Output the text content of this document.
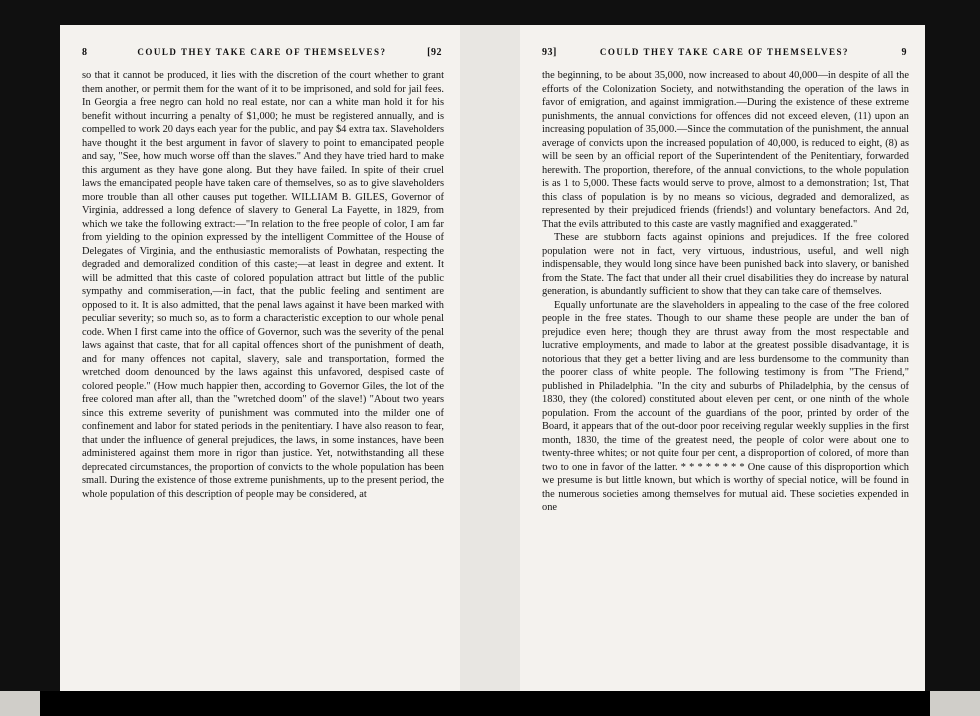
8	COULD THEY TAKE CARE OF THEMSELVES?	[92

so that it cannot be produced, it lies with the discretion of the court whether to grant them another, or permit them for the want of it to be imprisoned, and sold for jail fees. In Georgia a free negro can hold no real estate, nor can a white man hold it for his benefit without incurring a penalty of $1,000; he must be registered annually, and is compelled to work 20 days each year for the public, and pay $4 extra tax. Slaveholders have thought it the best argument in favor of slavery to point to emancipated people and say, "See, how much worse off than the slaves." And they have tried hard to make this argument as they have gone along. But they have failed. In spite of their cruel laws the emancipated people have taken care of themselves, so as to give slaveholders more trouble than all other causes put together. WILLIAM B. GILES, Governor of Virginia, addressed a long defence of slavery to General La Fayette, in 1829, from which we take the following extract:—"In relation to the free people of color, I am far from yielding to the opinion expressed by the intelligent Committee of the House of Delegates of Virginia, and the enthusiastic memoralists of Powhatan, respecting the degraded and demoralized condition of this caste;—at least in degree and extent. It will be admitted that this caste of colored population attract but little of the public sympathy and commiseration,—in fact, that the public feeling and sentiment are opposed to it. It is also admitted, that the penal laws against it have been marked with peculiar severity; so much so, as to form a characteristic exception to our whole penal code. When I first came into the office of Governor, such was the severity of the penal laws against that caste, that for all capital offences short of the punishment of death, and for many offences not capital, slavery, sale and transportation, formed the wretched doom denounced by the laws against this unfavored, despised caste of colored people." (How much happier then, according to Governor Giles, the lot of the free colored man after all, than the "wretched doom" of the slave!) "About two years since this extreme severity of punishment was commuted into the milder one of confinement and labor for stated periods in the penitentiary. I have also reason to fear, that under the influence of general prejudices, the laws, in some instances, have been administered against them more in rigor than justice. Yet, notwithstanding all these deprecated circumstances, the proportion of convicts to the whole population has been small. During the existence of those extreme punishments, up to the present period, the whole population of this description of people may be considered, at

93]	COULD THEY TAKE CARE OF THEMSELVES?	9

the beginning, to be about 35,000, now increased to about 40,000—in despite of all the efforts of the Colonization Society, and notwithstanding the operation of the laws in favor of emigration, and against immigration.—During the existence of these extreme punishments, the annual convictions for offences did not exceed eleven, (11) upon an increasing population of 35,000.—Since the commutation of the punishment, the annual average of convicts upon the increased population of 40,000, is reduced to eight, (8) as will be seen by an official report of the Superintendent of the Penitentiary, forwarded herewith. The proportion, therefore, of the annual convictions, to the whole population is as 1 to 5,000. These facts would serve to prove, almost to a demonstration; 1st, That this class of population is by no means so vicious, degraded and demoralized, as represented by their prejudiced friends (friends!) and voluntary benefactors. And 2d, That the evils attributed to this caste are vastly magnified and exaggerated."

These are stubborn facts against opinions and prejudices. If the free colored population were not in fact, very virtuous, industrious, useful, and well nigh indispensable, they would long since have been punished back into slavery, or banished from the State. The fact that under all their cruel disabilities they do increase by natural generation, is abundantly sufficient to show that they can take care of themselves.

Equally unfortunate are the slaveholders in appealing to the case of the free colored people in the free states. Though to our shame these people are under the ban of prejudice even here; though they are thrust away from the most respectable and lucrative employments, and made to labor at the greatest possible disadvantage, it is notorious that they get a better living and are less burdensome to the community than the poorer class of white people. The following testimony is from "The Friend," published in Philadelphia. "In the city and suburbs of Philadelphia, by the census of 1830, they (the colored) constituted about eleven per cent, or one ninth of the whole population. From the account of the guardians of the poor, printed by order of the Board, it appears that of the out-door poor receiving regular weekly supplies in the first month, 1830, the time of the greatest need, the people of color were about one to twenty-three whites; or not quite four per cent, a disproportion of colored, of more than two to one in favor of the latter. * * * * * * * * One cause of this disproportion which we presume is but little known, but which is worthy of special notice, will be found in the numerous societies among themselves for mutual aid. These societies expended in one
